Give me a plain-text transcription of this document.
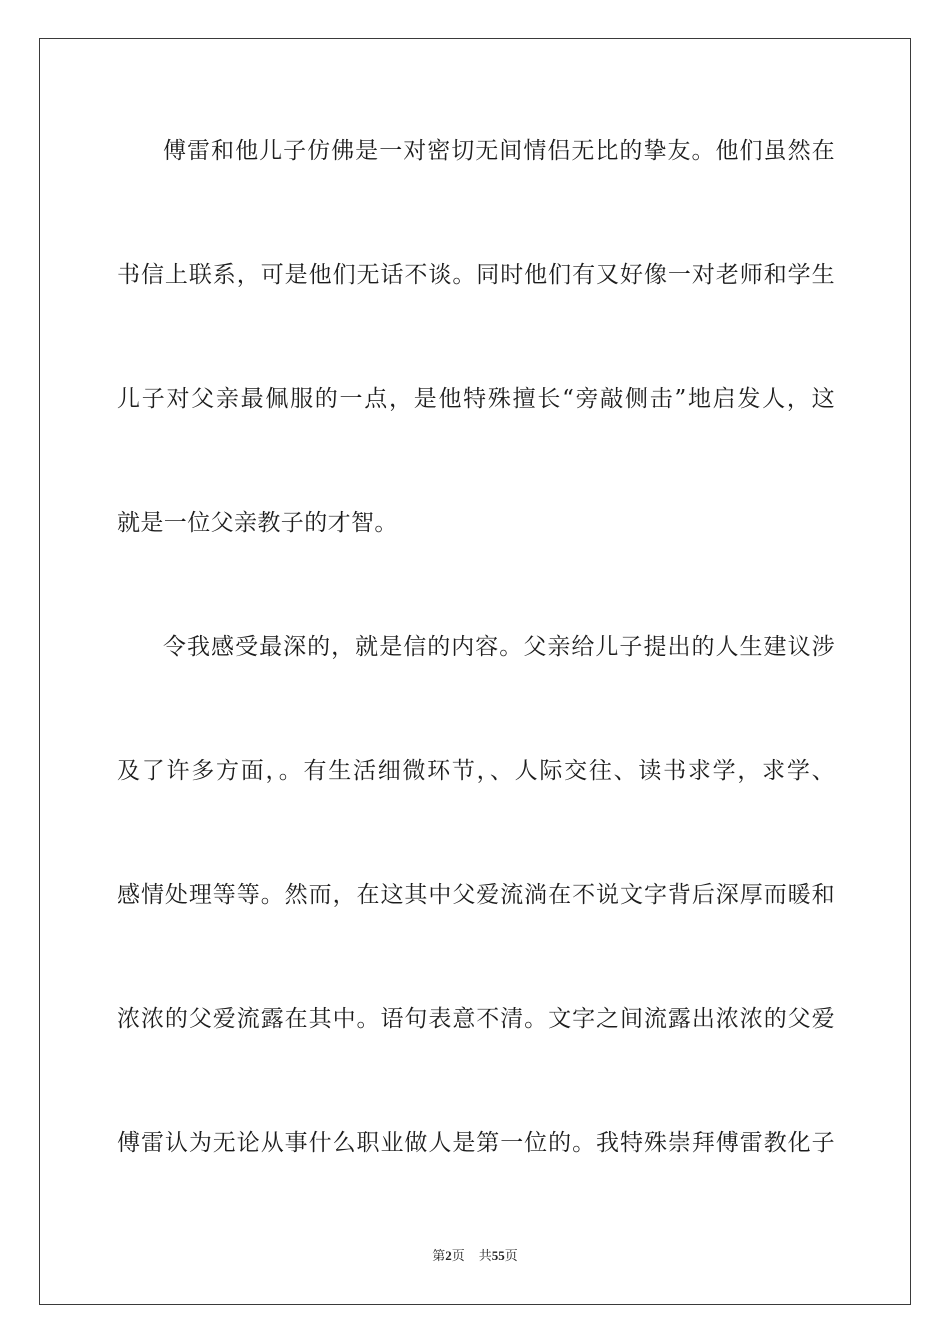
傅雷和他儿子仿佛是一对密切无间情侣无比的挚友。他们虽然在
书信上联系，可是他们无话不谈。同时他们有又好像一对老师和学生
儿子对父亲最佩服的一点，是他特殊擅长“旁敲侧击”地启发人，这
就是一位父亲教子的才智。
令我感受最深的，就是信的内容。父亲给儿子提出的人生建议涉
及了许多方面，。有生活细微环节，、人际交往、读书求学，求学、
感情处理等等。然而，在这其中父爱流淌在不说文字背后深厚而暖和
浓浓的父爱流露在其中。语句表意不清。文字之间流露出浓浓的父爱
傅雷认为无论从事什么职业做人是第一位的。我特殊崇拜傅雷教化子
第2页 共55页
